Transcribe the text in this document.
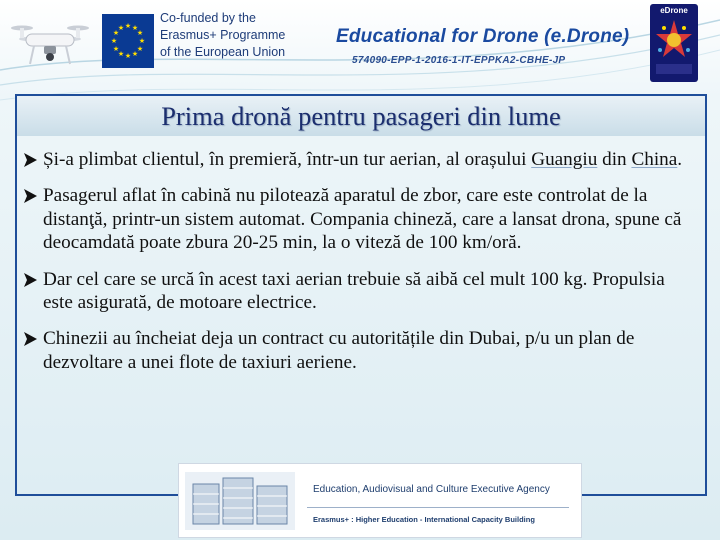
★ ★
★
★
★
★
★
★
★
★
★
★
Co-funded by the
Erasmus+ Programme
of the European Union
Educational for Drone (e.Drone)
574090-EPP-1-2016-1-IT-EPPKA2-CBHE-JP
eDrone
Prima dronă pentru pasageri din lume
Și-a plimbat clientul, în premieră, într-un tur aerian, al orașului Guangiu din China.
Pasagerul aflat în cabină nu pilotează aparatul de zbor, care este controlat de la distanţă, printr-un sistem automat. Compania chineză, care a lansat drona, spune că deocamdată poate zbura 20-25 min, la o viteză de 100 km/oră.
Dar cel care se urcă în acest taxi aerian trebuie să aibă cel mult 100 kg. Propulsia este asigurată, de motoare electrice.
Chinezii au încheiat deja un contract cu autoritățile din Dubai, p/u un plan de dezvoltare a unei flote de taxiuri aeriene.
Education, Audiovisual and Culture Executive Agency
Erasmus+ : Higher Education - International Capacity Building
